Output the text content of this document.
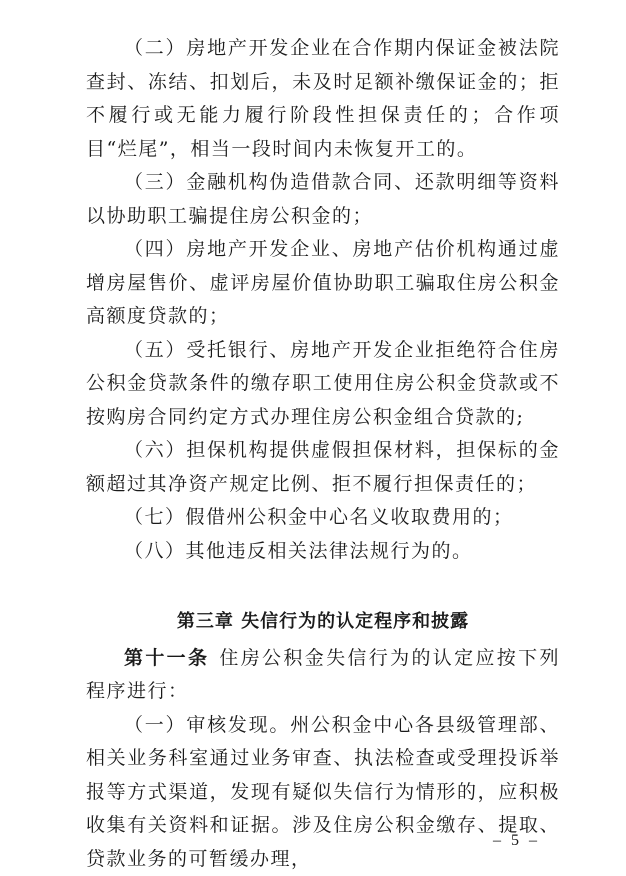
（二）房地产开发企业在合作期内保证金被法院查封、冻结、扣划后，未及时足额补缴保证金的；拒不履行或无能力履行阶段性担保责任的；合作项目“烂尾”，相当一段时间内未恢复开工的。

（三）金融机构伪造借款合同、还款明细等资料以协助职工骗提住房公积金的；

（四）房地产开发企业、房地产估价机构通过虚增房屋售价、虚评房屋价值协助职工骗取住房公积金高额度贷款的；

（五）受托银行、房地产开发企业拒绝符合住房公积金贷款条件的缴存职工使用住房公积金贷款或不按购房合同约定方式办理住房公积金组合贷款的;

（六）担保机构提供虚假担保材料，担保标的金额超过其净资产规定比例、拒不履行担保责任的；

（七）假借州公积金中心名义收取费用的；

（八）其他违反相关法律法规行为的。

第三章 失信行为的认定程序和披露

第十一条 住房公积金失信行为的认定应按下列程序进行：

（一）审核发现。州公积金中心各县级管理部、相关业务科室通过业务审查、执法检查或受理投诉举报等方式渠道，发现有疑似失信行为情形的，应积极收集有关资料和证据。涉及住房公积金缴存、提取、贷款业务的可暂缓办理，

– 5 –
